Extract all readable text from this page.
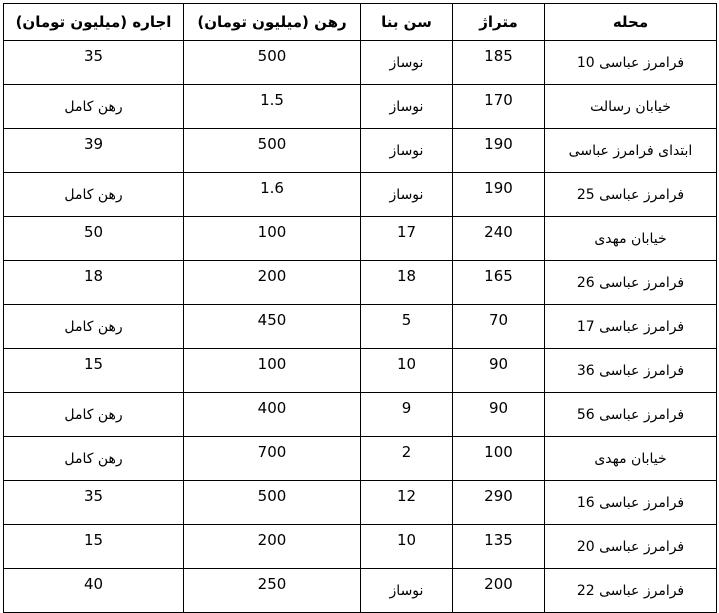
محله	متراژ	سن بنا	رهن (میلیون تومان)	اجاره (میلیون تومان)
فرامرز عباسی 10	185	نوساز	500	35
خیابان رسالت	170	نوساز	1.5	رهن کامل
ابتدای فرامرز عباسی	190	نوساز	500	39
فرامرز عباسی 25	190	نوساز	1.6	رهن کامل
خیابان مهدی	240	17	100	50
فرامرز عباسی 26	165	18	200	18
فرامرز عباسی 17	70	5	450	رهن کامل
فرامرز عباسی 36	90	10	100	15
فرامرز عباسی 56	90	9	400	رهن کامل
خیابان مهدی	100	2	700	رهن کامل
فرامرز عباسی 16	290	12	500	35
فرامرز عباسی 20	135	10	200	15
فرامرز عباسی 22	200	نوساز	250	40
